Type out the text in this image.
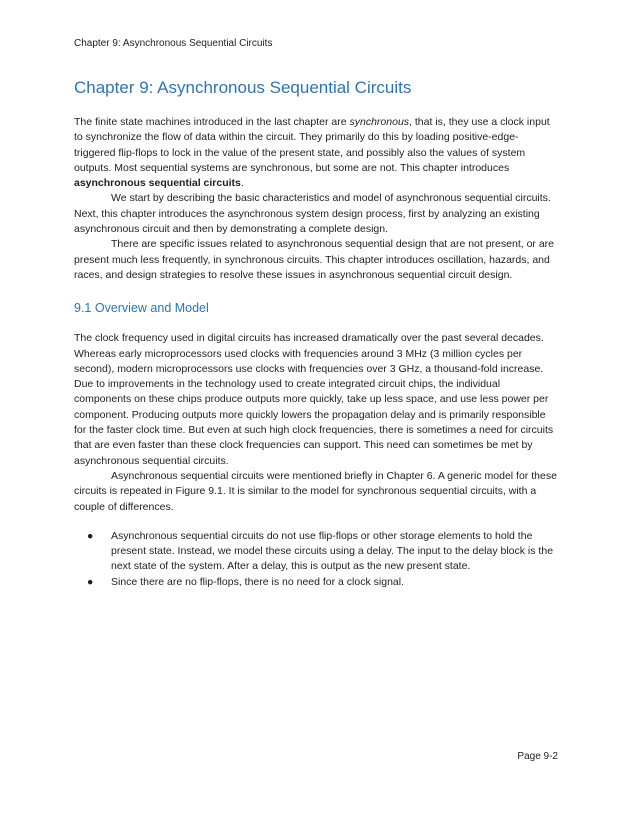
Chapter 9: Asynchronous Sequential Circuits

Chapter 9: Asynchronous Sequential Circuits

The finite state machines introduced in the last chapter are synchronous, that is, they use a clock input to synchronize the flow of data within the circuit. They primarily do this by loading positive-edge-triggered flip-flops to lock in the value of the present state, and possibly also the values of system outputs. Most sequential systems are synchronous, but some are not. This chapter introduces asynchronous sequential circuits.

We start by describing the basic characteristics and model of asynchronous sequential circuits. Next, this chapter introduces the asynchronous system design process, first by analyzing an existing asynchronous circuit and then by demonstrating a complete design.

There are specific issues related to asynchronous sequential design that are not present, or are present much less frequently, in synchronous circuits. This chapter introduces oscillation, hazards, and races, and design strategies to resolve these issues in asynchronous sequential circuit design.

9.1 Overview and Model

The clock frequency used in digital circuits has increased dramatically over the past several decades. Whereas early microprocessors used clocks with frequencies around 3 MHz (3 million cycles per second), modern microprocessors use clocks with frequencies over 3 GHz, a thousand-fold increase. Due to improvements in the technology used to create integrated circuit chips, the individual components on these chips produce outputs more quickly, take up less space, and use less power per component. Producing outputs more quickly lowers the propagation delay and is primarily responsible for the faster clock time. But even at such high clock frequencies, there is sometimes a need for circuits that are even faster than these clock frequencies can support. This need can sometimes be met by asynchronous sequential circuits.

Asynchronous sequential circuits were mentioned briefly in Chapter 6. A generic model for these circuits is repeated in Figure 9.1. It is similar to the model for synchronous sequential circuits, with a couple of differences.

● Asynchronous sequential circuits do not use flip-flops or other storage elements to hold the present state. Instead, we model these circuits using a delay. The input to the delay block is the next state of the system. After a delay, this is output as the new present state.
● Since there are no flip-flops, there is no need for a clock signal.

Page 9-2
